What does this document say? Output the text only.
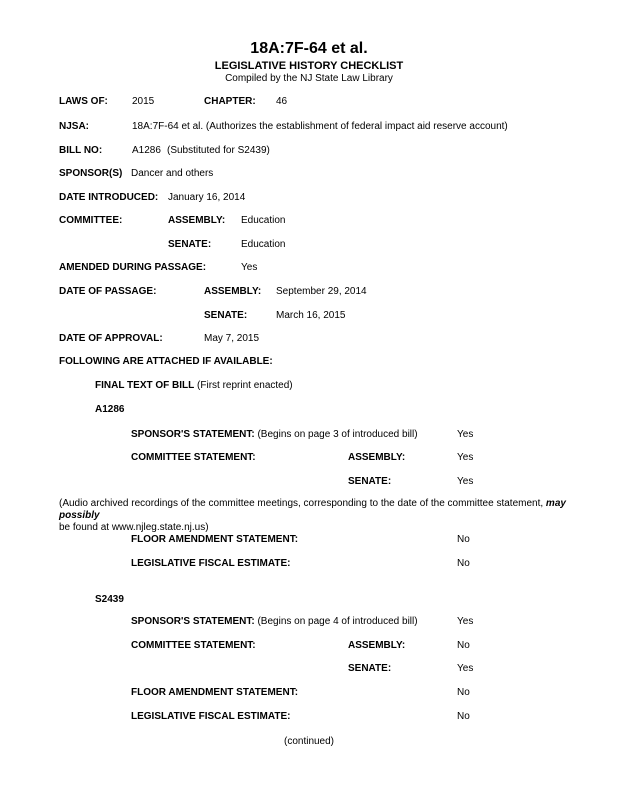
18A:7F-64 et al.
LEGISLATIVE HISTORY CHECKLIST
Compiled by the NJ State Law Library
LAWS OF: 2015	CHAPTER: 46
NJSA:	18A:7F-64 et al. (Authorizes the establishment of federal impact aid reserve account)
BILL NO:	A1286 (Substituted for S2439)
SPONSOR(S) Dancer and others
DATE INTRODUCED: January 16, 2014
COMMITTEE:	ASSEMBLY: Education
SENATE:	Education
AMENDED DURING PASSAGE:	Yes
DATE OF PASSAGE:	ASSEMBLY: September 29, 2014
SENATE:	March 16, 2015
DATE OF APPROVAL:	May 7, 2015
FOLLOWING ARE ATTACHED IF AVAILABLE:
FINAL TEXT OF BILL (First reprint enacted)
A1286
SPONSOR'S STATEMENT: (Begins on page 3 of introduced bill)	Yes
COMMITTEE STATEMENT:	ASSEMBLY:	Yes
SENATE:	Yes
(Audio archived recordings of the committee meetings, corresponding to the date of the committee statement, may possibly
be found at www.njleg.state.nj.us)
FLOOR AMENDMENT STATEMENT:	No
LEGISLATIVE FISCAL ESTIMATE:	No
S2439
SPONSOR'S STATEMENT: (Begins on page 4 of introduced bill)	Yes
COMMITTEE STATEMENT:	ASSEMBLY:	No
SENATE:	Yes
FLOOR AMENDMENT STATEMENT:	No
LEGISLATIVE FISCAL ESTIMATE:	No
(continued)
